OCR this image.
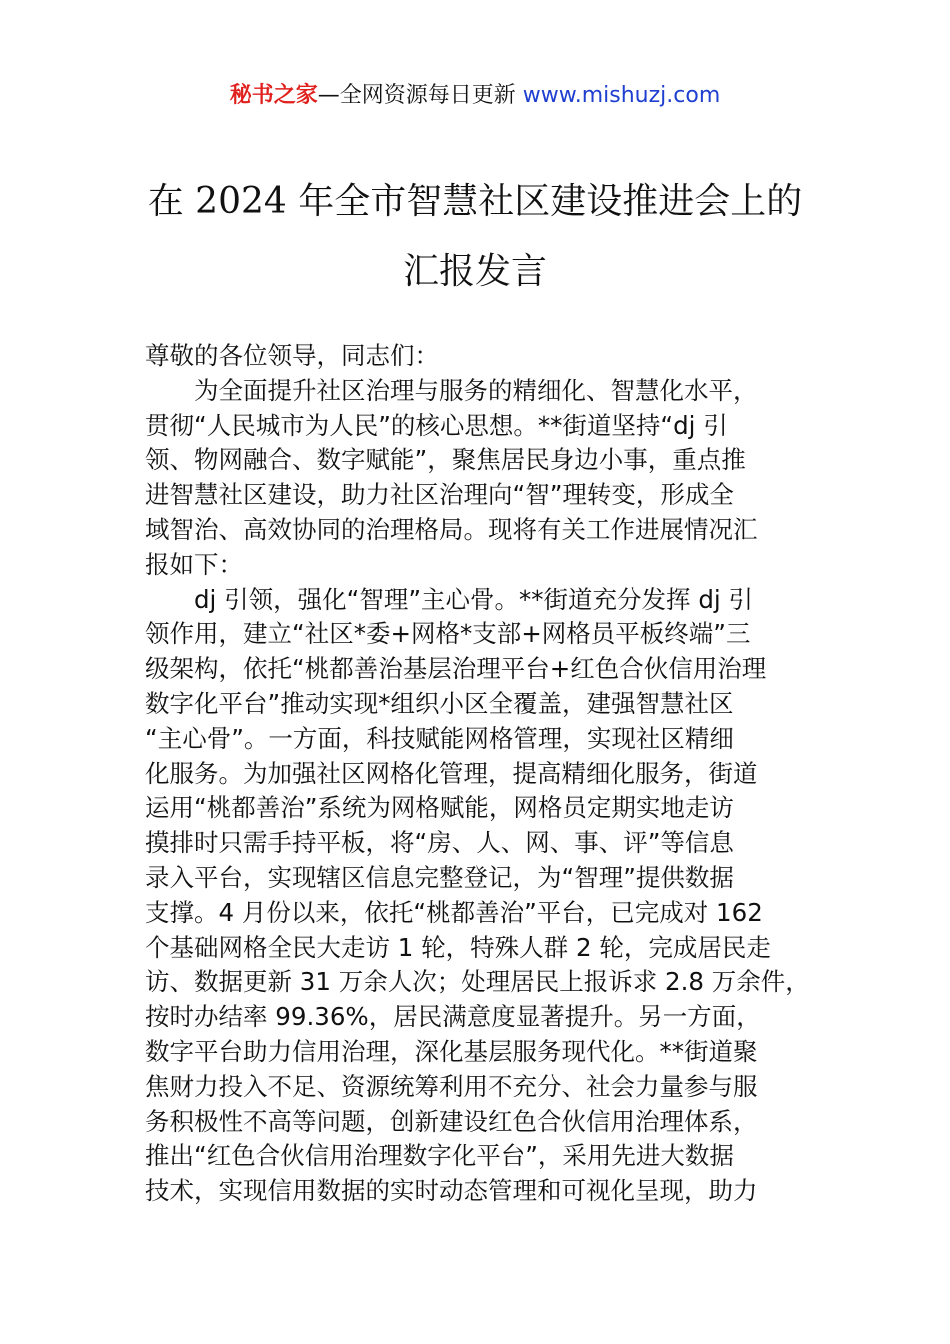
秘书之家—全网资源每日更新 www.mishuzj.com
在 2024 年全市智慧社区建设推进会上的
汇报发言
尊敬的各位领导，同志们：
　　为全面提升社区治理与服务的精细化、智慧化水平，
贯彻“人民城市为人民”的核心思想。**街道坚持“dj 引
领、物网融合、数字赋能”，聚焦居民身边小事，重点推
进智慧社区建设，助力社区治理向“智”理转变，形成全
域智治、高效协同的治理格局。现将有关工作进展情况汇
报如下：
　　dj 引领，强化“智理”主心骨。**街道充分发挥 dj 引
领作用，建立“社区*委+网格*支部+网格员平板终端”三
级架构，依托“桃都善治基层治理平台+红色合伙信用治理
数字化平台”推动实现*组织小区全覆盖，建强智慧社区
“主心骨”。一方面，科技赋能网格管理，实现社区精细
化服务。为加强社区网格化管理，提高精细化服务，街道
运用“桃都善治”系统为网格赋能，网格员定期实地走访
摸排时只需手持平板，将“房、人、网、事、评”等信息
录入平台，实现辖区信息完整登记，为“智理”提供数据
支撑。4 月份以来，依托“桃都善治”平台，已完成对 162
个基础网格全民大走访 1 轮，特殊人群 2 轮，完成居民走
访、数据更新 31 万余人次；处理居民上报诉求 2.8 万余件，
按时办结率 99.36%，居民满意度显著提升。另一方面，
数字平台助力信用治理，深化基层服务现代化。**街道聚
焦财力投入不足、资源统筹利用不充分、社会力量参与服
务积极性不高等问题，创新建设红色合伙信用治理体系，
推出“红色合伙信用治理数字化平台”，采用先进大数据
技术，实现信用数据的实时动态管理和可视化呈现，助力
